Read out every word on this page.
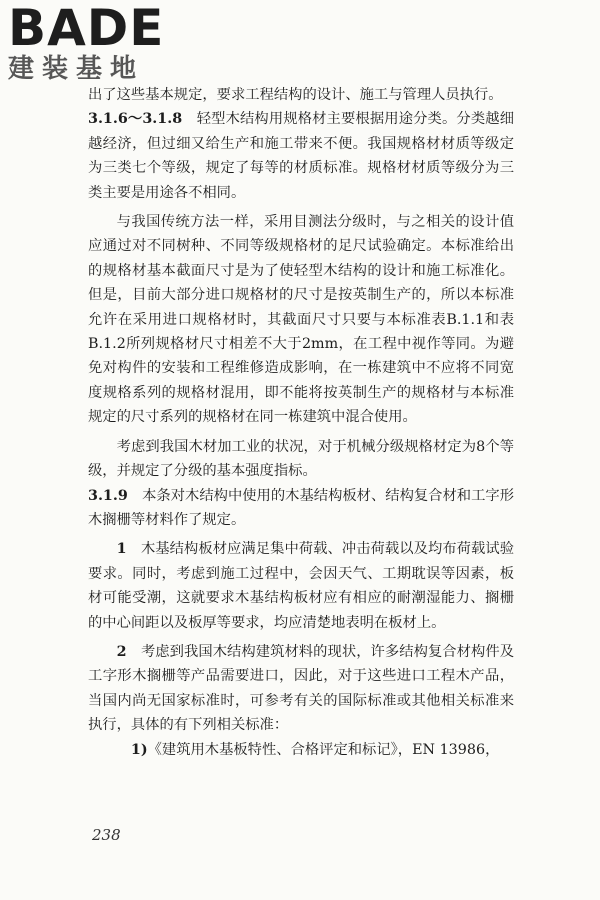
BADE
建装基地

出了这些基本规定，要求工程结构的设计、施工与管理人员执行。

3.1.6～3.1.8　轻型木结构用规格材主要根据用途分类。分类越细越经济，但过细又给生产和施工带来不便。我国规格材材质等级定为三类七个等级，规定了每等的材质标准。规格材材质等级分为三类主要是用途各不相同。

与我国传统方法一样，采用目测法分级时，与之相关的设计值应通过对不同树种、不同等级规格材的足尺试验确定。本标准给出的规格材基本截面尺寸是为了使轻型木结构的设计和施工标准化。但是，目前大部分进口规格材的尺寸是按英制生产的，所以本标准允许在采用进口规格材时，其截面尺寸只要与本标准表B.1.1和表B.1.2所列规格材尺寸相差不大于2mm，在工程中视作等同。为避免对构件的安装和工程维修造成影响，在一栋建筑中不应将不同宽度规格系列的规格材混用，即不能将按英制生产的规格材与本标准规定的尺寸系列的规格材在同一栋建筑中混合使用。

考虑到我国木材加工业的状况，对于机械分级规格材定为8个等级，并规定了分级的基本强度指标。

3.1.9　本条对木结构中使用的木基结构板材、结构复合材和工字形木搁栅等材料作了规定。

1　木基结构板材应满足集中荷载、冲击荷载以及均布荷载试验要求。同时，考虑到施工过程中，会因天气、工期耽误等因素，板材可能受潮，这就要求木基结构板材应有相应的耐潮湿能力、搁栅的中心间距以及板厚等要求，均应清楚地表明在板材上。

2　考虑到我国木结构建筑材料的现状，许多结构复合材构件及工字形木搁栅等产品需要进口，因此，对于这些进口工程木产品，当国内尚无国家标准时，可参考有关的国际标准或其他相关标准来执行，具体的有下列相关标准：

1)《建筑用木基板特性、合格评定和标记》，EN 13986，

238
